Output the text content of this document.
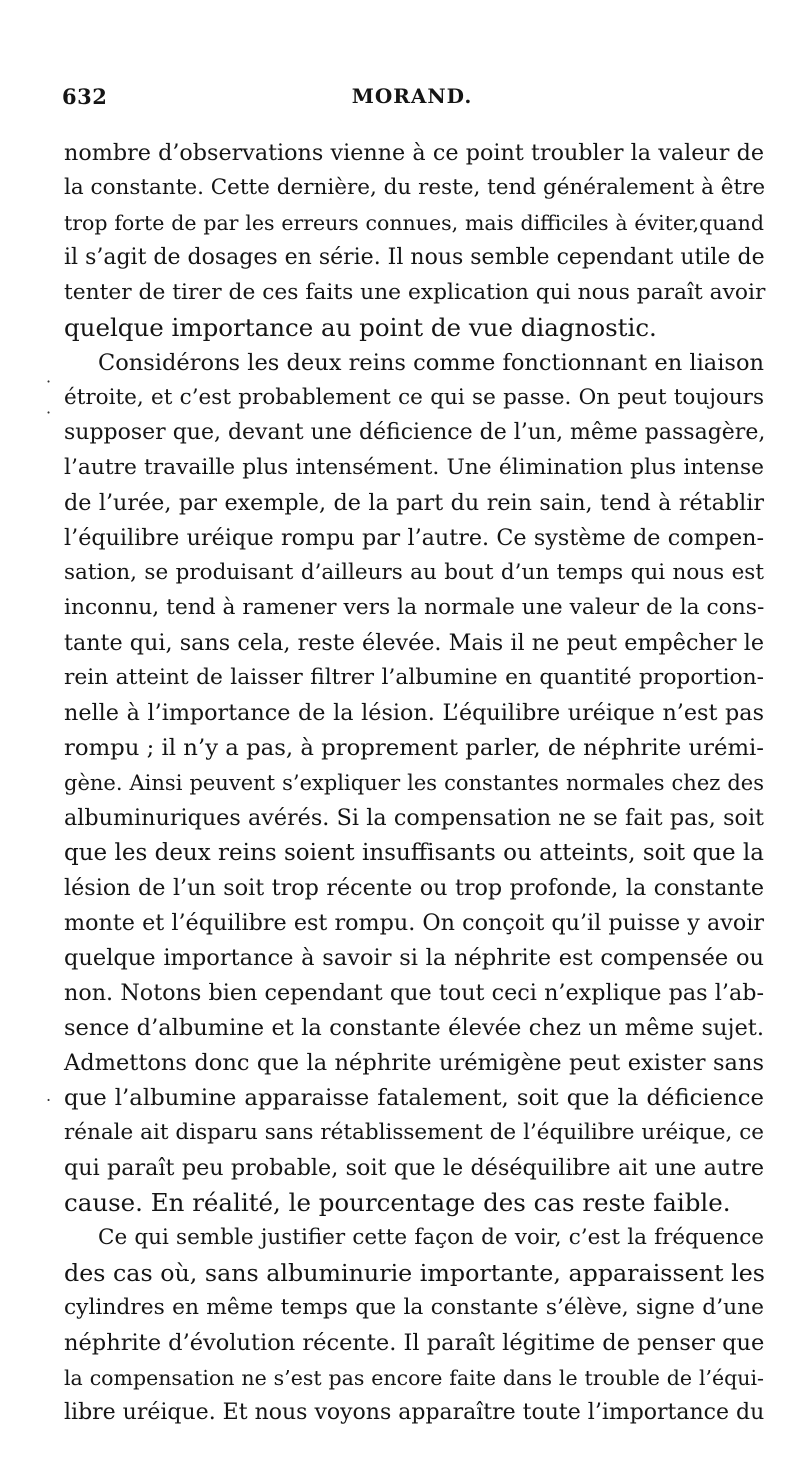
632	MORAND.
nombre d’observations vienne à ce point troubler la valeur de
la constante. Cette dernière, du reste, tend généralement à être
trop forte de par les erreurs connues, mais difficiles à éviter,quand
il s’agit de dosages en série. Il nous semble cependant utile de
tenter de tirer de ces faits une explication qui nous paraît avoir
quelque importance au point de vue diagnostic.
Considérons les deux reins comme fonctionnant en liaison
étroite, et c’est probablement ce qui se passe. On peut toujours
supposer que, devant une déficience de l’un, même passagère,
l’autre travaille plus intensément. Une élimination plus intense
de l’urée, par exemple, de la part du rein sain, tend à rétablir
l’équilibre uréique rompu par l’autre. Ce système de compen-
sation, se produisant d’ailleurs au bout d’un temps qui nous est
inconnu, tend à ramener vers la normale une valeur de la cons-
tante qui, sans cela, reste élevée. Mais il ne peut empêcher le
rein atteint de laisser filtrer l’albumine en quantité proportion-
nelle à l’importance de la lésion. L’équilibre uréique n’est pas
rompu ; il n’y a pas, à proprement parler, de néphrite urémi-
gène. Ainsi peuvent s’expliquer les constantes normales chez des
albuminuriques avérés. Si la compensation ne se fait pas, soit
que les deux reins soient insuffisants ou atteints, soit que la
lésion de l’un soit trop récente ou trop profonde, la constante
monte et l’équilibre est rompu. On conçoit qu’il puisse y avoir
quelque importance à savoir si la néphrite est compensée ou
non. Notons bien cependant que tout ceci n’explique pas l’ab-
sence d’albumine et la constante élevée chez un même sujet.
Admettons donc que la néphrite urémigène peut exister sans
que l’albumine apparaisse fatalement, soit que la déficience
rénale ait disparu sans rétablissement de l’équilibre uréique, ce
qui paraît peu probable, soit que le déséquilibre ait une autre
cause. En réalité, le pourcentage des cas reste faible.
Ce qui semble justifier cette façon de voir, c’est la fréquence
des cas où, sans albuminurie importante, apparaissent les
cylindres en même temps que la constante s’élève, signe d’une
néphrite d’évolution récente. Il paraît légitime de penser que
la compensation ne s’est pas encore faite dans le trouble de l’équi-
libre uréique. Et nous voyons apparaître toute l’importance du
·
·
.
